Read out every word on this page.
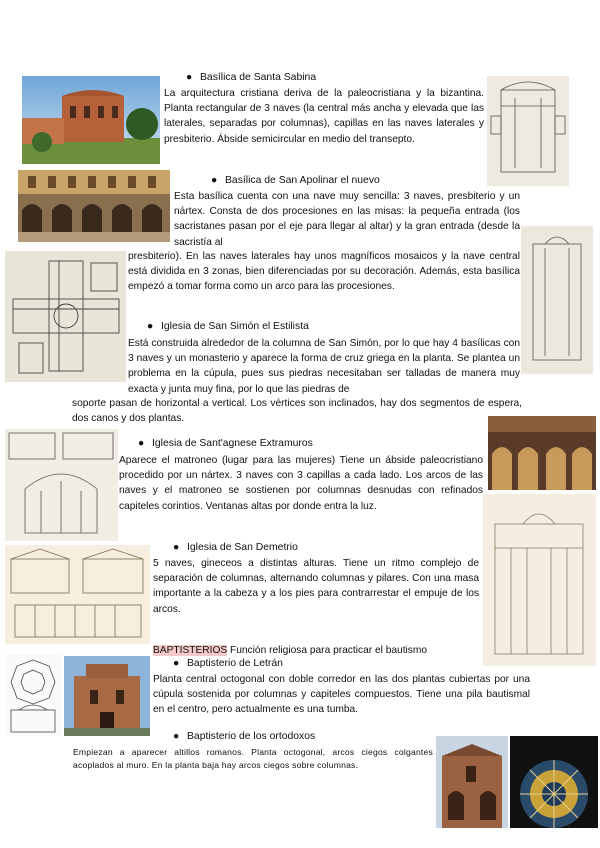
● Basílica de Santa Sabina
La arquitectura cristiana deriva de la paleocristiana y la bizantina. Planta rectangular de 3 naves (la central más ancha y elevada que las laterales, separadas por columnas), capillas en las naves laterales y presbiterio. Ábside semicircular en medio del transepto.
● Basílica de San Apolinar el nuevo
Esta basílica cuenta con una nave muy sencilla: 3 naves, presbiterio y un nártex. Consta de dos procesiones en las misas: la pequeña entrada (los sacristanes pasan por el eje para llegar al altar) y la gran entrada (desde la sacristía al
presbiterio). En las naves laterales hay unos magníficos mosaicos y la nave central está dividida en 3 zonas, bien diferenciadas por su decoración. Además, esta basílica empezó a tomar forma como un arco para las procesiones.
● Iglesia de San Simón el Estilista
Está construida alrededor de la columna de San Simón, por lo que hay 4 basílicas con 3 naves y un monasterio y aparece la forma de cruz griega en la planta. Se plantea un problema en la cúpula, pues sus piedras necesitaban ser talladas de manera muy exacta y junta muy fina, por lo que las piedras de
soporte pasan de horizontal a vertical. Los vértices son inclinados, hay dos segmentos de espera, dos canos y dos plantas.
● Iglesia de Sant'agnese Extramuros
Aparece el matroneo (lugar para las mujeres) Tiene un ábside paleocristiano procedido por un nártex. 3 naves con 3 capillas a cada lado. Los arcos de las naves y el matroneo se sostienen por columnas desnudas con refinados capiteles corintios. Ventanas altas por donde entra la luz.
● Iglesia de San Demetrio
5 naves, gineceos a distintas alturas. Tiene un ritmo complejo de separación de columnas, alternando columnas y pilares. Con una masa importante a la cabeza y a los pies para contrarrestar el empuje de los arcos.
BAPTISTERIOS Función religiosa para practicar el bautismo
● Baptisterio de Letrán
Planta central octogonal con doble corredor en las dos plantas cubiertas por una cúpula sostenida por columnas y capiteles compuestos. Tiene una pila bautismal en el centro, pero actualmente es una tumba.
● Baptisterio de los ortodoxos
Empiezan a aparecer altillos romanos. Planta octogonal, arcos ciegos colgantes acoplados al muro. En la planta baja hay arcos ciegos sobre columnas.
